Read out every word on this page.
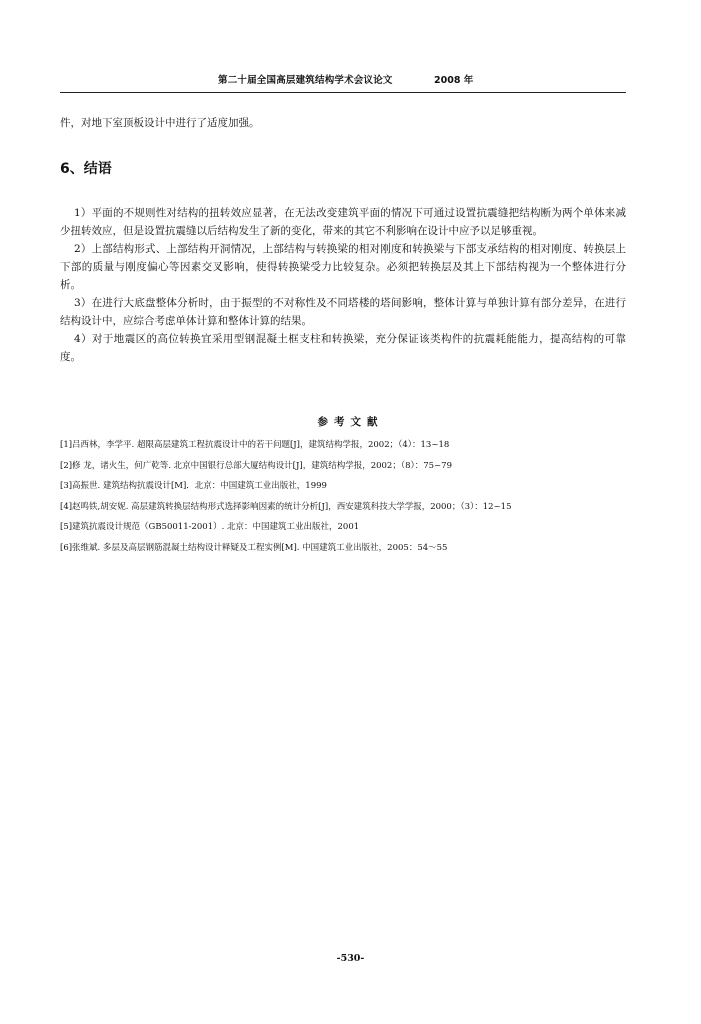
第二十届全国高层建筑结构学术会议论文	2008 年
件，对地下室顶板设计中进行了适度加强。
6、结语

1）平面的不规则性对结构的扭转效应显著，在无法改变建筑平面的情况下可通过设置抗震缝把结构断为两个单体来减少扭转效应，但是设置抗震缝以后结构发生了新的变化，带来的其它不利影响在设计中应予以足够重视。

2）上部结构形式、上部结构开洞情况，上部结构与转换梁的相对刚度和转换梁与下部支承结构的相对刚度、转换层上下部的质量与刚度偏心等因素交叉影响，使得转换梁受力比较复杂。必须把转换层及其上下部结构视为一个整体进行分析。

3）在进行大底盘整体分析时，由于振型的不对称性及不同塔楼的塔间影响，整体计算与单独计算有部分差异，在进行结构设计中，应综合考虑单体计算和整体计算的结果。

4）对于地震区的高位转换宜采用型钢混凝土框支柱和转换梁，充分保证该类构件的抗震耗能能力，提高结构的可靠度。

参考文献
[1]吕西林，李学平. 超限高层建筑工程抗震设计中的若干问题[J]，建筑结构学报，2002；（4）：13~18
[2]修 龙，诸火生，何广乾等. 北京中国银行总部大厦结构设计[J]，建筑结构学报，2002；（8）：75~79
[3]高振世. 建筑结构抗震设计[M]．北京：中国建筑工业出版社，1999
[4]赵鸣铁,胡安妮. 高层建筑转换层结构形式选择影响因素的统计分析[J]，西安建筑科技大学学报，2000；（3）：12~15
[5]建筑抗震设计规范（GB50011-2001）. 北京：中国建筑工业出版社，2001
[6]张维斌. 多层及高层钢筋混凝土结构设计释疑及工程实例[M]. 中国建筑工业出版社，2005：54～55
-530-
